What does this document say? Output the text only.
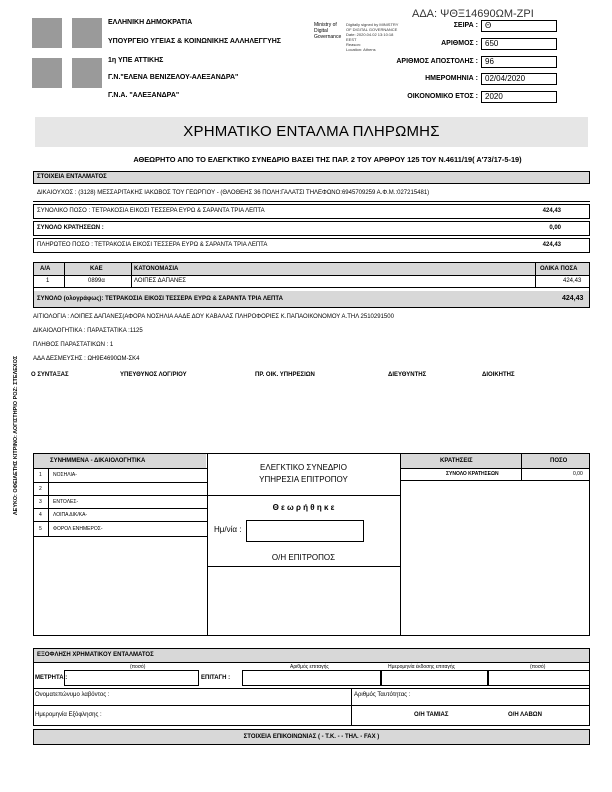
ΑΔΑ: ΨΘΞ14690ΩΜ-ΖΡΙ
ΕΛΛΗΝΙΚΗ ΔΗΜΟΚΡΑΤΙΑ
ΥΠΟΥΡΓΕΙΟ ΥΓΕΙΑΣ & ΚΟΙΝΩΝΙΚΗΣ ΑΛΛΗΛΕΓΓΥΗΣ
1η ΥΠΕ ΑΤΤΙΚΗΣ
Γ.Ν."ΕΛΕΝΑ ΒΕΝΙΖΕΛΟΥ-ΑΛΕΞΑΝΔΡΑ"
Γ.Ν.Α. "ΑΛΕΞΑΝΔΡΑ"
Ministry of Digital Governance
Digitally signed by MINISTRY
OF DIGITAL GOVERNANCE
Date: 2020.04.02 13:10:18
EEST
Reason:
Location: Athens
ΣΕΙΡΑ : Θ
ΑΡΙΘΜΟΣ : 650
ΑΡΙΘΜΟΣ ΑΠΟΣΤΟΛΗΣ : 96
ΗΜΕΡΟΜΗΝΙΑ : 02/04/2020
ΟΙΚΟΝΟΜΙΚΟ ΕΤΟΣ : 2020
ΧΡΗΜΑΤΙΚΟ ΕΝΤΑΛΜΑ ΠΛΗΡΩΜΗΣ
ΑΘΕΩΡΗΤΟ ΑΠΟ ΤΟ ΕΛΕΓΚΤΙΚΟ ΣΥΝΕΔΡΙΟ ΒΑΣΕΙ ΤΗΣ ΠΑΡ. 2 ΤΟΥ ΑΡΘΡΟΥ 125 ΤΟΥ Ν.4611/19( Α'73/17-5-19)
ΣΤΟΙΧΕΙΑ ΕΝΤΑΛΜΑΤΟΣ
ΔΙΚΑΙΟΥΧΟΣ : (3128) ΜΕΣΣΑΡΙΤΑΚΗΣ ΙΑΚΩΒΟΣ ΤΟΥ ΓΕΩΡΓΙΟΥ - (ΘΛΟΘΕΗΣ 36 ΠΟΛΗ:ΓΑΛΑΤΣΙ ΤΗΛΕΦΩΝΟ:6945709259 Α.Φ.Μ.:027215481)
ΣΥΝΟΛΙΚΟ ΠΟΣΟ : ΤΕΤΡΑΚΟΣΙΑ ΕΙΚΟΣΙ ΤΕΣΣΕΡΑ ΕΥΡΩ & ΣΑΡΑΝΤΑ ΤΡΙΑ ΛΕΠΤΑ	424,43
ΣΥΝΟΛΟ ΚΡΑΤΗΣΕΩΝ :	0,00
ΠΛΗΡΩΤΕΟ ΠΟΣΟ : ΤΕΤΡΑΚΟΣΙΑ ΕΙΚΟΣΙ ΤΕΣΣΕΡΑ ΕΥΡΩ & ΣΑΡΑΝΤΑ ΤΡΙΑ ΛΕΠΤΑ	424,43
Α/Α	ΚΑΕ	ΚΑΤΟΝΟΜΑΣΙΑ	ΟΛΙΚΑ ΠΟΣΑ
1	0899α	ΛΟΙΠΕΣ ΔΑΠΑΝΕΣ	424,43
ΣΥΝΟΛΟ (ολογράφως): ΤΕΤΡΑΚΟΣΙΑ ΕΙΚΟΣΙ ΤΕΣΣΕΡΑ ΕΥΡΩ & ΣΑΡΑΝΤΑ ΤΡΙΑ ΛΕΠΤΑ	424,43
ΑΙΤΙΟΛΟΓΙΑ : ΛΟΙΠΕΣ ΔΑΠΑΝΕΣ(ΑΦΟΡΑ ΝΟΣΗΛΙΑ ΑΑΔΕ ΔΟΥ ΚΑΒΑΛΑΣ ΠΛΗΡΟΦΟΡΙΕΣ Κ.ΠΑΠΑΟΙΚΟΝΟΜΟΥ Α.ΤΗΛ 2510291500
ΔΙΚΑΙΟΛΟΓΗΤΙΚΑ : ΠΑΡΑΣΤΑΤΙΚΑ :1125
ΠΛΗΘΟΣ ΠΑΡΑΣΤΑΤΙΚΩΝ : 1
ΑΔΑ ΔΕΣΜΕΥΣΗΣ : ΩΗ9Ε4690ΩΜ-ΣΚ4
Ο ΣΥΝΤΑΞΑΣ	ΥΠΕΥΘΥΝΟΣ ΛΟΓ/ΡΙΟΥ	ΠΡ. ΟΙΚ. ΥΠΗΡΕΣΙΩΝ	ΔΙΕΥΘΥΝΤΗΣ	ΔΙΟΙΚΗΤΗΣ
ΛΕΥΚΟ: ΟΦΕΙΛΕΤΗΣ ΚΙΤΡΙΝΟ: ΛΟΓΙΣΤΗΡΙΟ ΡΟΖ: ΣΤΕΛΕΧΟΣ	ΣΥΝΗΜΜΕΝΑ - ΔΙΚΑΙΟΛΟΓΗΤΙΚΑ
1 ΝΟΣΗΛΙΑ-
2
3 ΕΝΤΟΛΕΣ-
4 ΛΟΙΠΑ ΔΙΚ/ΚΑ-
5 ΦΟΡΟΛ ΕΝΗΜΕΡΟΣ-
ΕΛΕΓΚΤΙΚΟ ΣΥΝΕΔΡΙΟ
ΥΠΗΡΕΣΙΑ ΕΠΙΤΡΟΠΟΥ
Θ ε ω ρ ή θ η κ ε
Ημ/νία :
Ο/Η ΕΠΙΤΡΟΠΟΣ
ΚΡΑΤΗΣΕΙΣ	ΠΟΣΟ
ΣΥΝΟΛΟ ΚΡΑΤΗΣΕΩΝ	0,00
ΕΞΟΦΛΗΣΗ ΧΡΗΜΑΤΙΚΟΥ ΕΝΤΑΛΜΑΤΟΣ
(ποσό)	Αριθμός επιταγής	Ημερομηνία έκδοσης επιταγής	(ποσό)
ΜΕΤΡΗΤΑ :	ΕΠΙΤΑΓΗ :
Ονοματεπώνυμο λαβόντος :	Αριθμός Ταυτότητας :
Ημερομηνία Εξόφλησης :	Ο/Η ΤΑΜΙΑΣ	Ο/Η ΛΑΒΩΝ
ΣΤΟΙΧΕΙΑ ΕΠΙΚΟΙΝΩΝΙΑΣ ( - Τ.Κ. - - ΤΗΛ. - FAX )
